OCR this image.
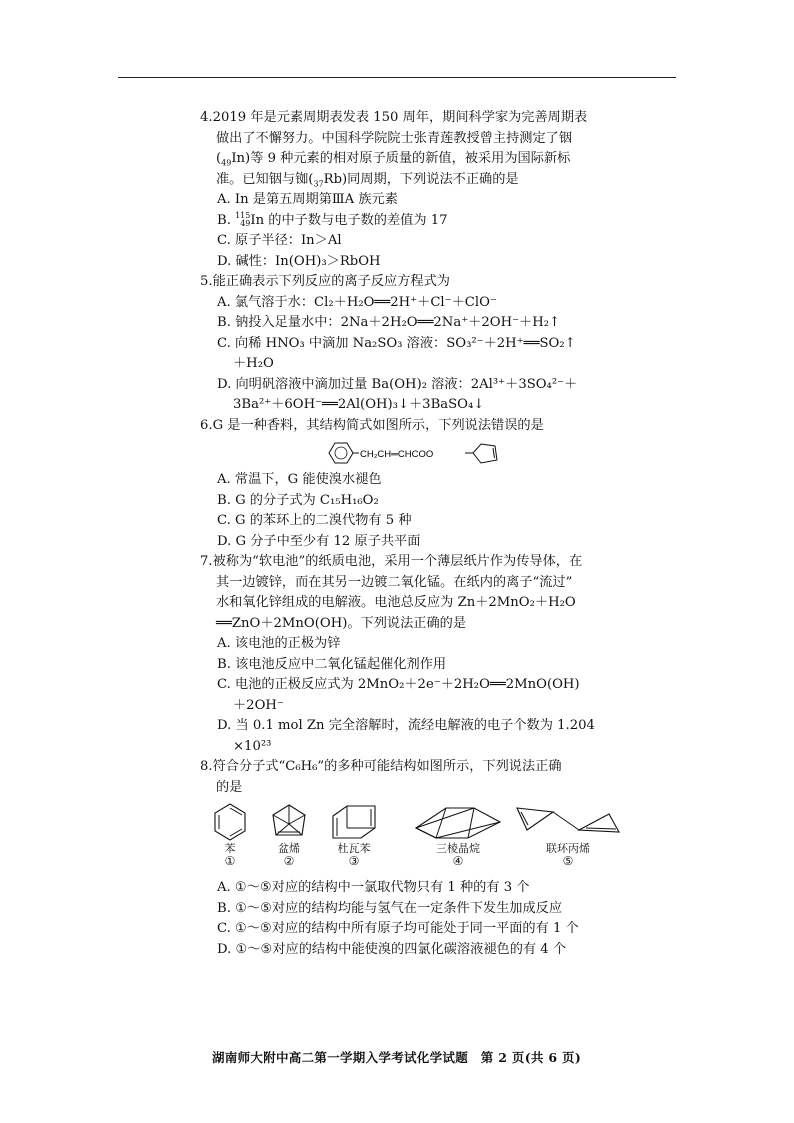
4.2019 年是元素周期表发表 150 周年，期间科学家为完善周期表
做出了不懈努力。中国科学院院士张青莲教授曾主持测定了铟
$(_{49}In)$等 9 种元素的相对原子质量的新值，被采用为国际新标
准。已知铟与铷$(_{37}Rb)$同周期，下列说法不正确的是
A. In 是第五周期第ⅢA 族元素
B. 115
49In 的中子数与电子数的差值为 17
C. 原子半径：In＞Al
D. 碱性：In(OH)₃＞RbOH
5.能正确表示下列反应的离子反应方程式为
A. 氯气溶于水：Cl₂＋H₂O══2H⁺＋Cl⁻＋ClO⁻
B. 钠投入足量水中：2Na＋2H₂O══2Na⁺＋2OH⁻＋H₂↑
C. 向稀 HNO₃ 中滴加 Na₂SO₃ 溶液：SO₃²⁻＋2H⁺══SO₂↑
＋H₂O
D. 向明矾溶液中滴加过量 Ba(OH)₂ 溶液：2Al³⁺＋3SO₄²⁻＋
3Ba²⁺＋6OH⁻══2Al(OH)₃↓＋3BaSO₄↓
6.G 是一种香料，其结构简式如图所示，下列说法错误的是
CH₂CH═CHCOO
A. 常温下，G 能使溴水褪色
B. G 的分子式为 C₁₅H₁₆O₂
C. G 的苯环上的二溴代物有 5 种
D. G 分子中至少有 12 原子共平面
7.被称为“软电池”的纸质电池，采用一个薄层纸片作为传导体，在
其一边镀锌，而在其另一边镀二氧化锰。在纸内的离子“流过”
水和氧化锌组成的电解液。电池总反应为 Zn＋2MnO₂＋H₂O
══ZnO＋2MnO(OH)。下列说法正确的是
A. 该电池的正极为锌
B. 该电池反应中二氧化锰起催化剂作用
C. 电池的正极反应式为 2MnO₂＋2e⁻＋2H₂O══2MnO(OH)
＋2OH⁻
D. 当 0.1 mol Zn 完全溶解时，流经电解液的电子个数为 1.204
×10²³
8.符合分子式“C₆H₆”的多种可能结构如图所示，下列说法正确
的是
苯
①
盆烯
②
杜瓦苯
③
三棱晶烷
④
联环丙烯
⑤
A. ①～⑤对应的结构中一氯取代物只有 1 种的有 3 个
B. ①～⑤对应的结构均能与氢气在一定条件下发生加成反应
C. ①～⑤对应的结构中所有原子均可能处于同一平面的有 1 个
D. ①～⑤对应的结构中能使溴的四氯化碳溶液褪色的有 4 个
湖南师大附中高二第一学期入学考试化学试题　第 2 页(共 6 页)
